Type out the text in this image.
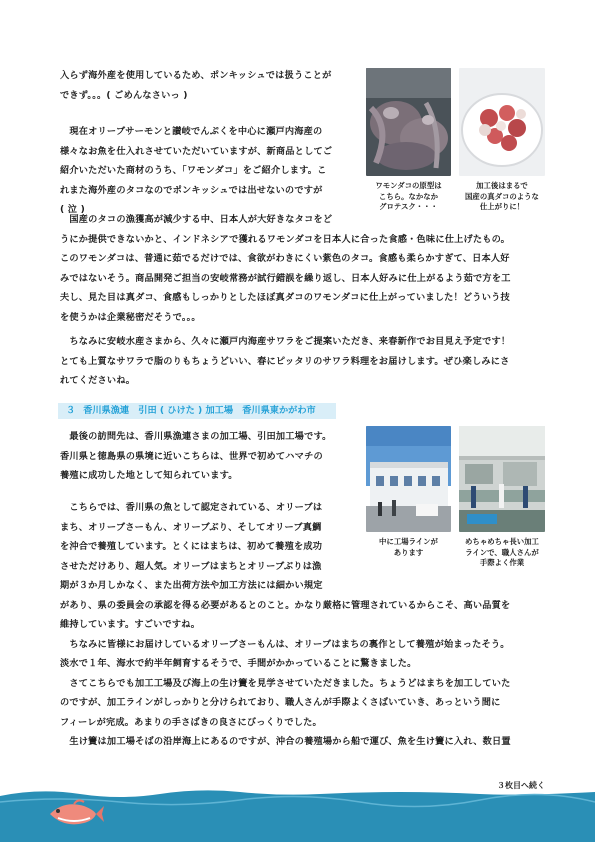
入らず海外産を使用しているため、ポンキッシュでは扱うことが

できず。。。( ごめんなさいっ )

　現在オリーブサーモンと讃岐でんぷくを中心に瀬戸内海産の

様々なお魚を仕入れさせていただいていますが、新商品としてご

紹介いただいた商材のうち、「ワモンダコ」をご紹介します。こ

れまた海外産のタコなのでポンキッシュでは出せないのですが

( 泣 )

　国産のタコの漁獲高が減少する中、日本人が大好きなタコをど

うにか提供できないかと、インドネシアで獲れるワモンダコを日本人に合った食感・色味に仕上げたもの。

このワモンダコは、普通に茹でるだけでは、食欲がわきにくい紫色のタコ。食感も柔らかすぎて、日本人好

みではないそう。商品開発ご担当の安岐常務が試行錯誤を繰り返し、日本人好みに仕上がるよう茹で方を工

夫し、見た目は真ダコ、食感もしっかりとしたほぼ真ダコのワモンダコに仕上がっていました！どういう技

を使うかは企業秘密だそうで。。。

　ちなみに安岐水産さまから、久々に瀬戸内海産サワラをご提案いただき、来春新作でお目見え予定です！

とても上質なサワラで脂のりもちょうどいい、春にピッタリのサワラ料理をお届けします。ぜひ楽しみにさ

れてくださいね。

ワモンダコの原型は
こちら。なかなか
グロテスク・・・
加工後はまるで
国産の真ダコのような
仕上がりに！
３ 香川県漁連　引田 ( ひけた ) 加工場　香川県東かがわ市

　最後の訪問先は、香川県漁連さまの加工場、引田加工場です。

香川県と徳島県の県境に近いこちらは、世界で初めてハマチの

養殖に成功した地として知られています。

　こちらでは、香川県の魚として認定されている、オリーブは

まち、オリーブさーもん、オリーブぶり、そしてオリーブ真鯛

を沖合で養殖しています。とくにはまちは、初めて養殖を成功

させただけあり、超人気。オリーブはまちとオリーブぶりは漁

期が３か月しかなく、また出荷方法や加工方法には細かい規定

があり、県の委員会の承認を得る必要があるとのこと。かなり厳格に管理されているからこそ、高い品質を

維持しています。すごいですね。

　ちなみに皆様にお届けしているオリーブさーもんは、オリーブはまちの裏作として養殖が始まったそう。

淡水で１年、海水で約半年飼育するそうで、手間がかかっていることに驚きました。

　さてこちらでも加工工場及び海上の生け簀を見学させていただきました。ちょうどはまちを加工していた

のですが、加工ラインがしっかりと分けられており、職人さんが手際よくさばいていき、あっという間に

フィーレが完成。あまりの手さばきの良さにびっくりでした。

　生け簀は加工場そばの沿岸海上にあるのですが、沖合の養殖場から船で運び、魚を生け簀に入れ、数日置

中に工場ラインが
あります
めちゃめちゃ長い加工
ラインで、職人さんが
手際よく作業
３枚目へ続く
